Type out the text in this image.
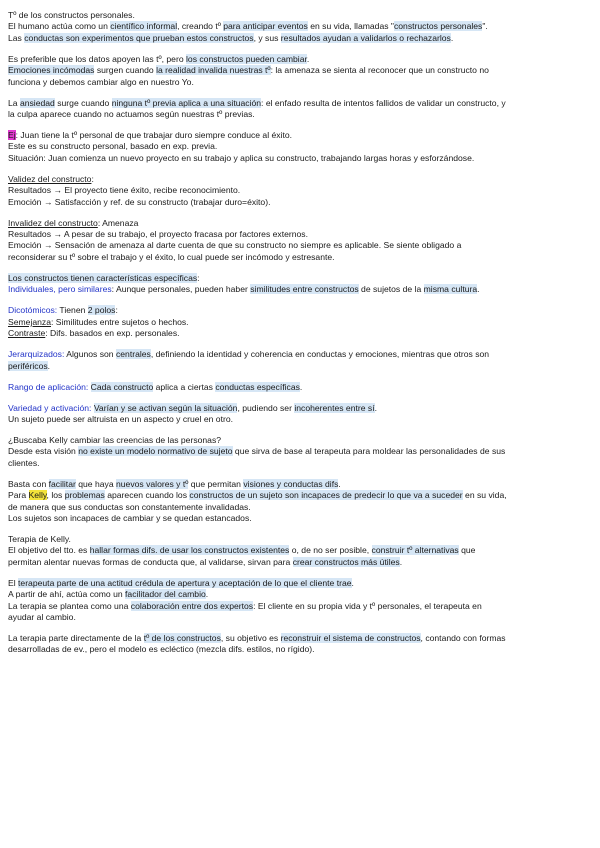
Tº de los constructos personales.

El humano actúa como un científico informal, creando tº para anticipar eventos en su vida, llamadas "constructos personales".

Las conductas son experimentos que prueban estos constructos, y sus resultados ayudan a validarlos o rechazarlos.

Es preferible que los datos apoyen las tº, pero los constructos pueden cambiar.

Emociones incómodas surgen cuando la realidad invalida nuestras tº: la amenaza se sienta al reconocer que un constructo no

funciona y debemos cambiar algo en nuestro Yo.

La ansiedad surge cuando ninguna tº previa aplica a una situación: el enfado resulta de intentos fallidos de validar un constructo, y

la culpa aparece cuando no actuamos según nuestras tº previas.

Ej: Juan tiene la tº personal de que trabajar duro siempre conduce al éxito.

Este es su constructo personal, basado en exp. previa.

Situación: Juan comienza un nuevo proyecto en su trabajo y aplica su constructo, trabajando largas horas y esforzándose.

Validez del constructo:

Resultados → El proyecto tiene éxito, recibe reconocimiento.

Emoción → Satisfacción y ref. de su constructo (trabajar duro=éxito).

Invalidez del constructo: Amenaza

Resultados → A pesar de su trabajo, el proyecto fracasa por factores externos.

Emoción → Sensación de amenaza al darte cuenta de que su constructo no siempre es aplicable. Se siente obligado a

reconsiderar su tº sobre el trabajo y el éxito, lo cual puede ser incómodo y estresante.

Los constructos tienen características específicas:

Individuales, pero similares: Aunque personales, pueden haber similitudes entre constructos de sujetos de la misma cultura.

Dicotómicos: Tienen 2 polos:

Semejanza: Similitudes entre sujetos o hechos.

Contraste: Difs. basados en exp. personales.

Jerarquizados: Algunos son centrales, definiendo la identidad y coherencia en conductas y emociones, mientras que otros son

periféricos.

Rango de aplicación: Cada constructo aplica a ciertas conductas específicas.

Variedad y activación: Varían y se activan según la situación, pudiendo ser incoherentes entre sí.

Un sujeto puede ser altruista en un aspecto y cruel en otro.

¿Buscaba Kelly cambiar las creencias de las personas?

Desde esta visión no existe un modelo normativo de sujeto que sirva de base al terapeuta para moldear las personalidades de sus

clientes.

Basta con facilitar que haya nuevos valores y tº que permitan visiones y conductas difs.

Para Kelly, los problemas aparecen cuando los constructos de un sujeto son incapaces de predecir lo que va a suceder en su vida,

de manera que sus conductas son constantemente invalidadas.

Los sujetos son incapaces de cambiar y se quedan estancados.

Terapia de Kelly.

El objetivo del tto. es hallar formas difs. de usar los constructos existentes o, de no ser posible, construir tº alternativas que

permitan alentar nuevas formas de conducta que, al validarse, sirvan para crear constructos más útiles.

El terapeuta parte de una actitud crédula de apertura y aceptación de lo que el cliente trae.

A partir de ahí, actúa como un facilitador del cambio.

La terapia se plantea como una colaboración entre dos expertos: El cliente en su propia vida y tº personales, el terapeuta en

ayudar al cambio.

La terapia parte directamente de la tº de los constructos, su objetivo es reconstruir el sistema de constructos, contando con formas

desarrolladas de ev., pero el modelo es ecléctico (mezcla difs. estilos, no rígido).
